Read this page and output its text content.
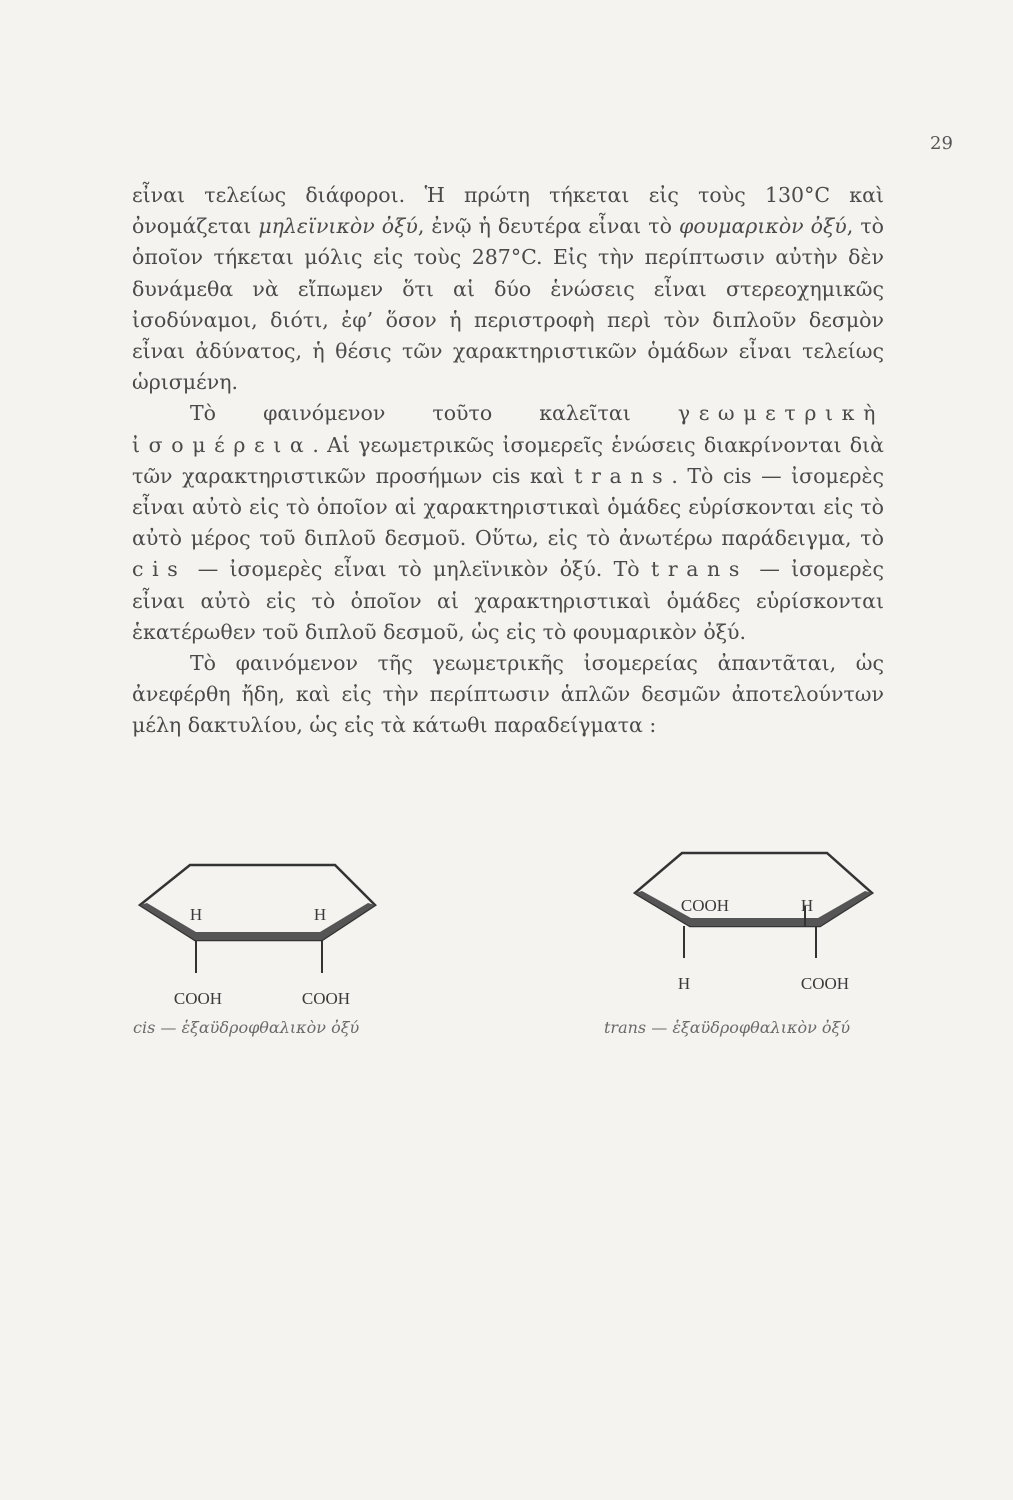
29

εἶναι τελείως διάφοροι. Ἡ πρώτη τήκεται εἰς τοὺς 130°C καὶ ὀνομάζεται μηλεϊνικὸν ὀξύ, ἐνῷ ἡ δευτέρα εἶναι τὸ φουμαρικὸν ὀξύ, τὸ ὁποῖον τήκεται μόλις εἰς τοὺς 287°C. Εἰς τὴν περίπτωσιν αὐτὴν δὲν δυνάμεθα νὰ εἴπωμεν ὅτι αἱ δύο ἑνώσεις εἶναι στερεοχημικῶς ἰσοδύναμοι, διότι, ἐφ’ ὅσον ἡ περιστροφὴ περὶ τὸν διπλοῦν δεσμὸν εἶναι ἀδύνατος, ἡ θέσις τῶν χαρακτηριστικῶν ὁμάδων εἶναι τελείως ὡρισμένη.

Τὸ φαινόμενον τοῦτο καλεῖται γεωμετρικὴ ἰσομέρεια. Αἱ γεωμετρικῶς ἰσομερεῖς ἑνώσεις διακρίνονται διὰ τῶν χαρακτηριστικῶν προσήμων cis καὶ trans. Τὸ cis — ἰσομερὲς εἶναι αὐτὸ εἰς τὸ ὁποῖον αἱ χαρακτηριστικαὶ ὁμάδες εὑρίσκονται εἰς τὸ αὐτὸ μέρος τοῦ διπλοῦ δεσμοῦ. Οὕτω, εἰς τὸ ἀνωτέρω παράδειγμα, τὸ cis — ἰσομερὲς εἶναι τὸ μηλεϊνικὸν ὀξύ. Τὸ trans — ἰσομερὲς εἶναι αὐτὸ εἰς τὸ ὁποῖον αἱ χαρακτηριστικαὶ ὁμάδες εὑρίσκονται ἑκατέρωθεν τοῦ διπλοῦ δεσμοῦ, ὡς εἰς τὸ φουμαρικὸν ὀξύ.

Τὸ φαινόμενον τῆς γεωμετρικῆς ἰσομερείας ἀπαντᾶται, ὡς ἀνεφέρθη ἤδη, καὶ εἰς τὴν περίπτωσιν ἁπλῶν δεσμῶν ἀποτελούντων μέλη δακτυλίου, ὡς εἰς τὰ κάτωθι παραδείγματα :

H	H
COOH	COOH
cis — ἑξαϋδροφθαλικὸν ὀξύ
COOH	H
H	COOH
trans — ἑξαϋδροφθαλικὸν ὀξύ
